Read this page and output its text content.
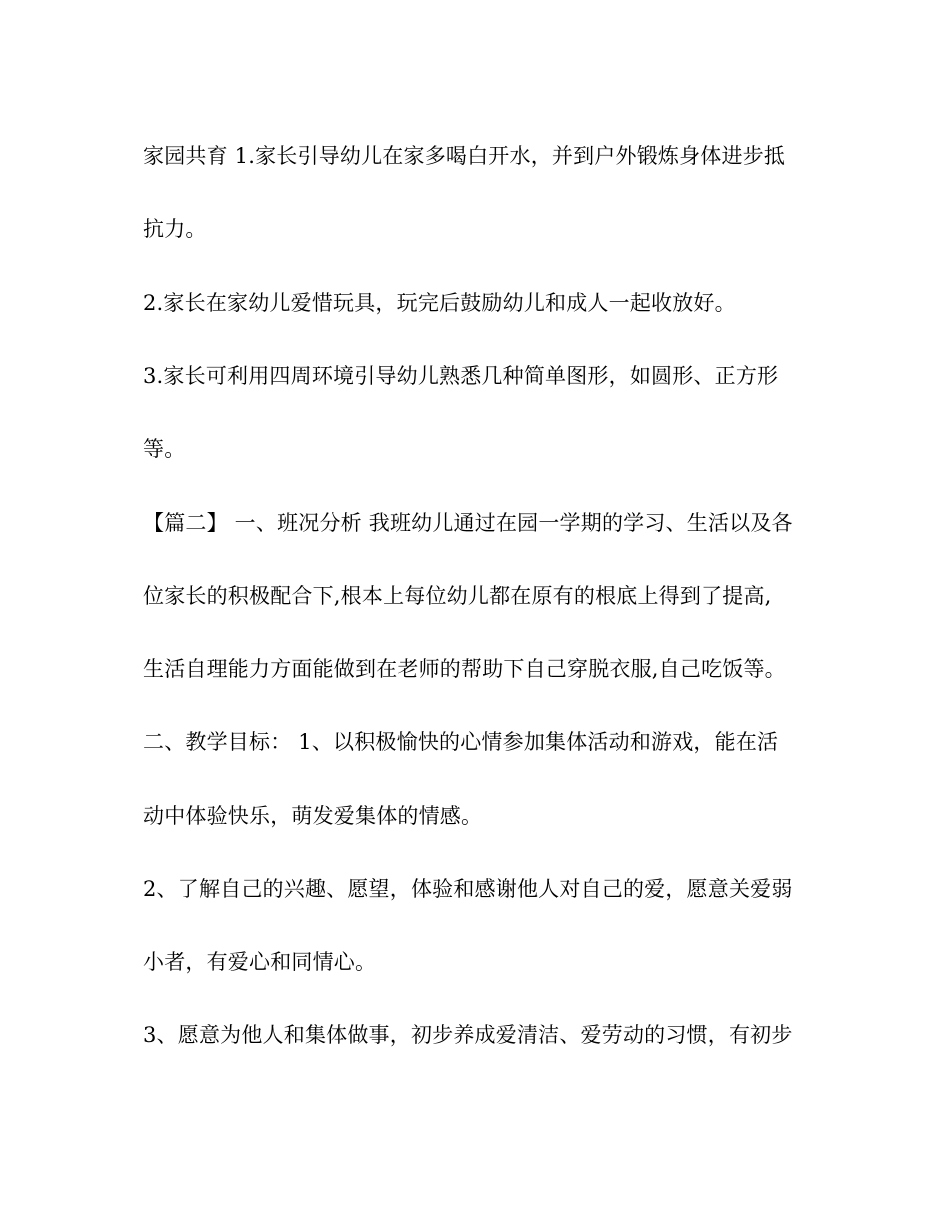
家园共育 1.家长引导幼儿在家多喝白开水，并到户外锻炼身体进步抵
抗力。
2.家长在家幼儿爱惜玩具，玩完后鼓励幼儿和成人一起收放好。
3.家长可利用四周环境引导幼儿熟悉几种简单图形，如圆形、正方形
等。
【篇二】 一、班况分析 我班幼儿通过在园一学期的学习、生活以及各
位家长的积极配合下,根本上每位幼儿都在原有的根底上得到了提高,
生活自理能力方面能做到在老师的帮助下自己穿脱衣服,自己吃饭等。
二、教学目标： 1、以积极愉快的心情参加集体活动和游戏，能在活
动中体验快乐，萌发爱集体的情感。
2、了解自己的兴趣、愿望，体验和感谢他人对自己的爱，愿意关爱弱
小者，有爱心和同情心。
3、愿意为他人和集体做事，初步养成爱清洁、爱劳动的习惯，有初步
